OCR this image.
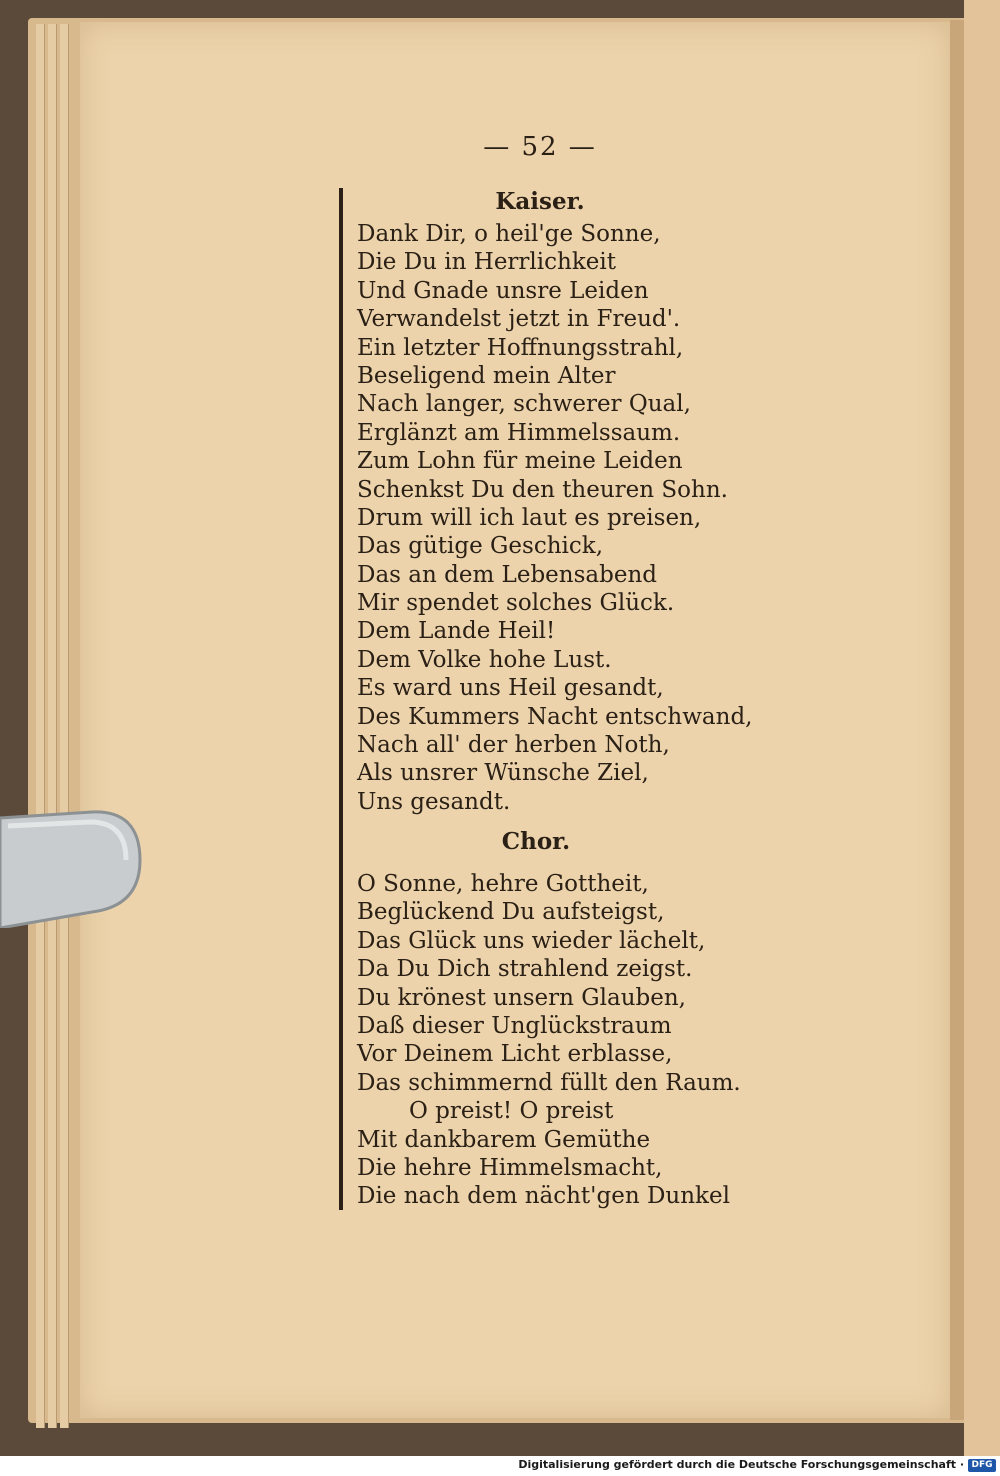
— 52 —
Kaiser.
Dank Dir, o heil'ge Sonne,
Die Du in Herrlichkeit
Und Gnade unsre Leiden
Verwandelst jetzt in Freud'.
Ein letzter Hoffnungsstrahl,
Beseligend mein Alter
Nach langer, schwerer Qual,
Erglänzt am Himmelssaum.
Zum Lohn für meine Leiden
Schenkst Du den theuren Sohn.
Drum will ich laut es preisen,
Das gütige Geschick,
Das an dem Lebensabend
Mir spendet solches Glück.
Dem Lande Heil!
Dem Volke hohe Lust.
Es ward uns Heil gesandt,
Des Kummers Nacht entschwand,
Nach all' der herben Noth,
Als unsrer Wünsche Ziel,
Uns gesandt.
Chor.
O Sonne, hehre Gottheit,
Beglückend Du aufsteigst,
Das Glück uns wieder lächelt,
Da Du Dich strahlend zeigst.
Du krönest unsern Glauben,
Daß dieser Unglückstraum
Vor Deinem Licht erblasse,
Das schimmernd füllt den Raum.
O preist! O preist
Mit dankbarem Gemüthe
Die hehre Himmelsmacht,
Die nach dem nächt'gen Dunkel
Digitalisierung gefördert durch die Deutsche Forschungsgemeinschaft · DFG
